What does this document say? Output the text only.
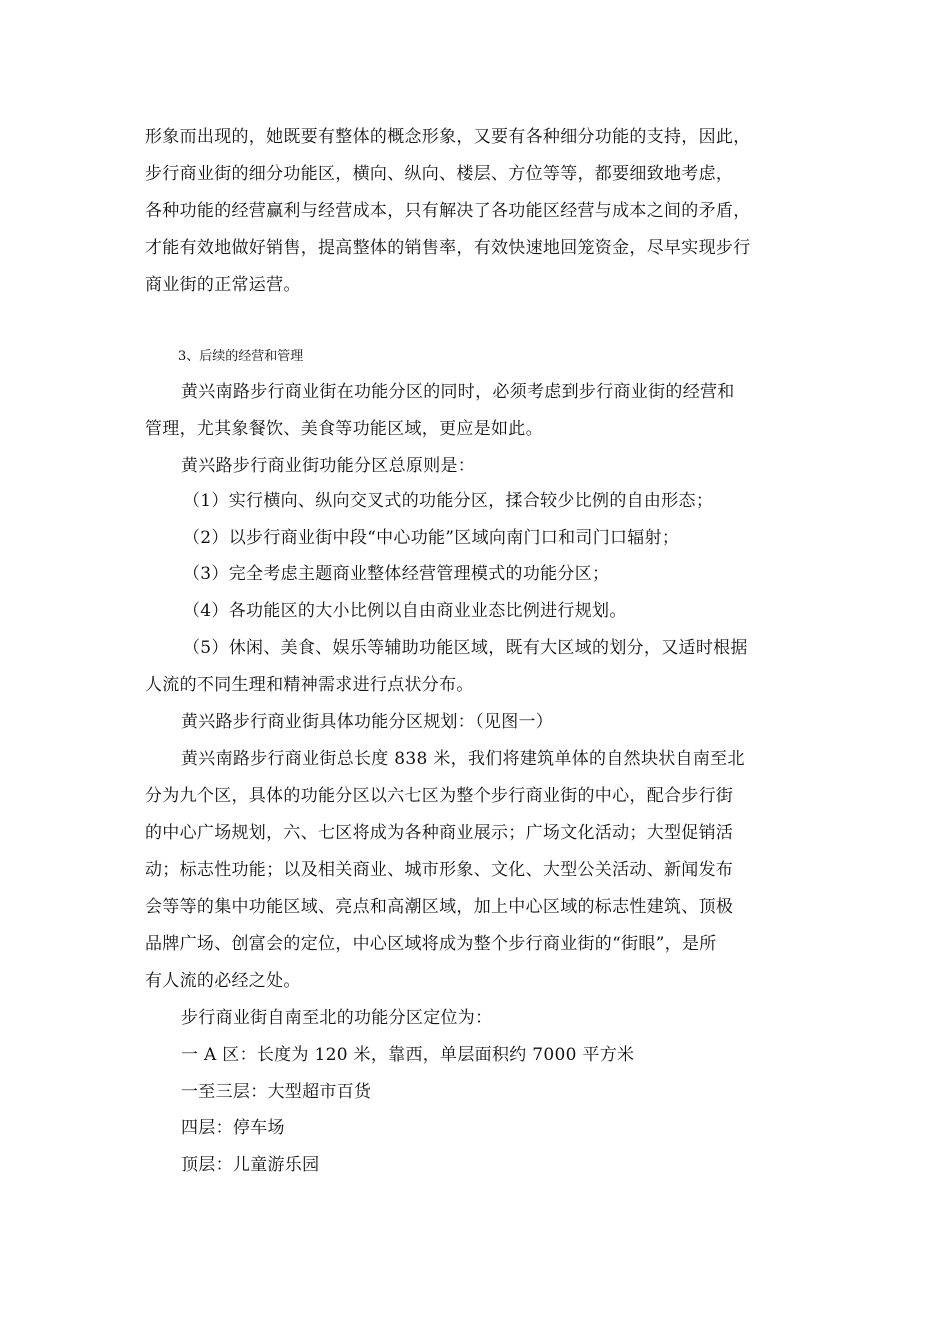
形象而出现的，她既要有整体的概念形象，又要有各种细分功能的支持，因此，
步行商业街的细分功能区，横向、纵向、楼层、方位等等，都要细致地考虑，
各种功能的经营赢利与经营成本，只有解决了各功能区经营与成本之间的矛盾，
才能有效地做好销售，提高整体的销售率，有效快速地回笼资金，尽早实现步行
商业街的正常运营。
3、后续的经营和管理
黄兴南路步行商业街在功能分区的同时，必须考虑到步行商业街的经营和
管理，尤其象餐饮、美食等功能区域，更应是如此。
黄兴路步行商业街功能分区总原则是：
（1）实行横向、纵向交叉式的功能分区，揉合较少比例的自由形态；
（2）以步行商业街中段“中心功能”区域向南门口和司门口辐射；
（3）完全考虑主题商业整体经营管理模式的功能分区；
（4）各功能区的大小比例以自由商业业态比例进行规划。
（5）休闲、美食、娱乐等辅助功能区域，既有大区域的划分，又适时根据
人流的不同生理和精神需求进行点状分布。
黄兴路步行商业街具体功能分区规划：（见图一）
黄兴南路步行商业街总长度 838 米，我们将建筑单体的自然块状自南至北
分为九个区，具体的功能分区以六七区为整个步行商业街的中心，配合步行街
的中心广场规划，六、七区将成为各种商业展示；广场文化活动；大型促销活
动；标志性功能；以及相关商业、城市形象、文化、大型公关活动、新闻发布
会等等的集中功能区域、亮点和高潮区域，加上中心区域的标志性建筑、顶极
品牌广场、创富会的定位，中心区域将成为整个步行商业街的“街眼”，是所
有人流的必经之处。
步行商业街自南至北的功能分区定位为：
一 A 区：长度为 120 米，靠西，单层面积约 7000 平方米
一至三层：大型超市百货
四层：停车场
顶层：儿童游乐园
